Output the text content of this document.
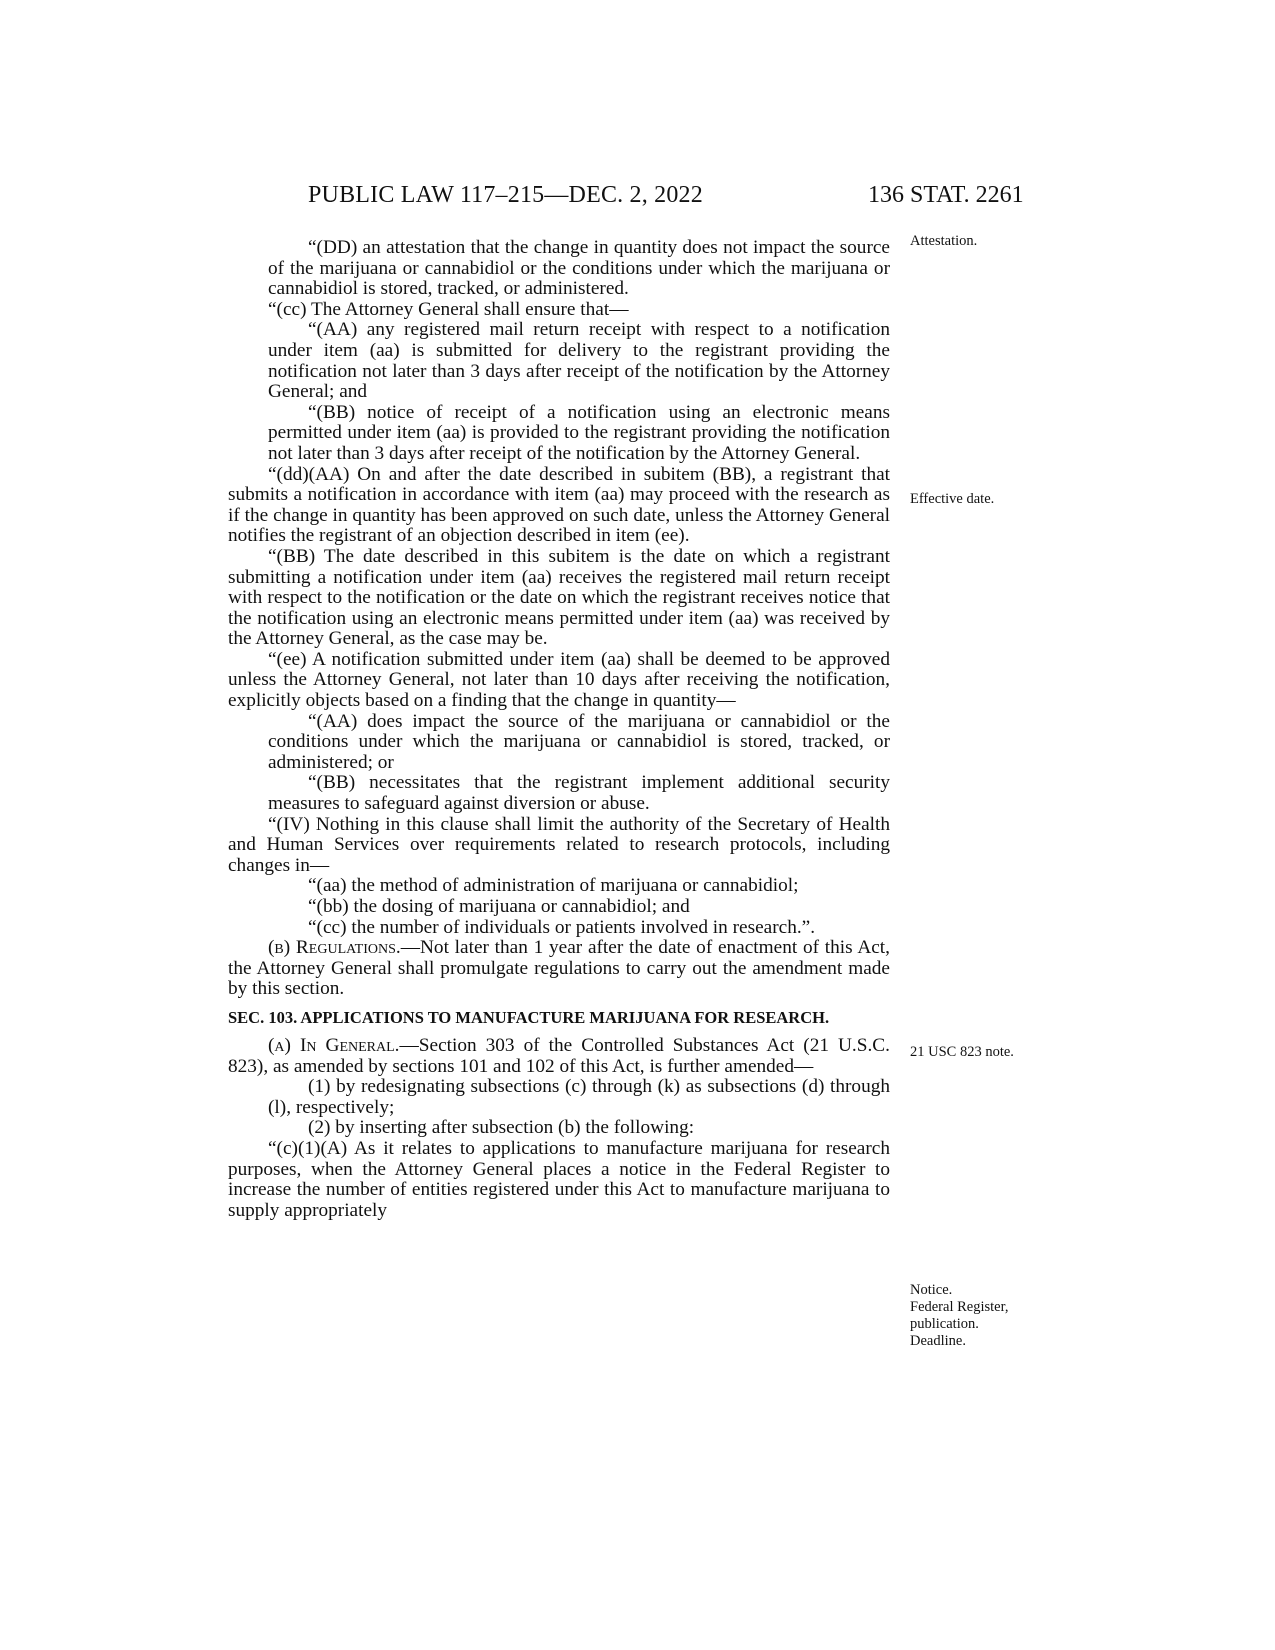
PUBLIC LAW 117–215—DEC. 2, 2022	136 STAT. 2261
Attestation.
Effective date.
21 USC 823 note.
Notice.
Federal Register,
publication.
Deadline.

“(DD) an attestation that the change in quantity does not impact the source of the marijuana or cannabidiol or the conditions under which the marijuana or cannabidiol is stored, tracked, or administered.

“(cc) The Attorney General shall ensure that—

“(AA) any registered mail return receipt with respect to a notification under item (aa) is submitted for delivery to the registrant providing the notification not later than 3 days after receipt of the notification by the Attorney General; and

“(BB) notice of receipt of a notification using an electronic means permitted under item (aa) is provided to the registrant providing the notification not later than 3 days after receipt of the notification by the Attorney General.

“(dd)(AA) On and after the date described in subitem (BB), a registrant that submits a notification in accordance with item (aa) may proceed with the research as if the change in quantity has been approved on such date, unless the Attorney General notifies the registrant of an objection described in item (ee).

“(BB) The date described in this subitem is the date on which a registrant submitting a notification under item (aa) receives the registered mail return receipt with respect to the notification or the date on which the registrant receives notice that the notification using an electronic means permitted under item (aa) was received by the Attorney General, as the case may be.

“(ee) A notification submitted under item (aa) shall be deemed to be approved unless the Attorney General, not later than 10 days after receiving the notification, explicitly objects based on a finding that the change in quantity—

“(AA) does impact the source of the marijuana or cannabidiol or the conditions under which the marijuana or cannabidiol is stored, tracked, or administered; or

“(BB) necessitates that the registrant implement additional security measures to safeguard against diversion or abuse.

“(IV) Nothing in this clause shall limit the authority of the Secretary of Health and Human Services over requirements related to research protocols, including changes in—

“(aa) the method of administration of marijuana or cannabidiol;

“(bb) the dosing of marijuana or cannabidiol; and

“(cc) the number of individuals or patients involved in research.”.

(b) Regulations.—Not later than 1 year after the date of enactment of this Act, the Attorney General shall promulgate regulations to carry out the amendment made by this section.

SEC. 103. APPLICATIONS TO MANUFACTURE MARIJUANA FOR RESEARCH.

(a) In General.—Section 303 of the Controlled Substances Act (21 U.S.C. 823), as amended by sections 101 and 102 of this Act, is further amended—

(1) by redesignating subsections (c) through (k) as subsections (d) through (l), respectively;

(2) by inserting after subsection (b) the following:

“(c)(1)(A) As it relates to applications to manufacture marijuana for research purposes, when the Attorney General places a notice in the Federal Register to increase the number of entities registered under this Act to manufacture marijuana to supply appropriately
